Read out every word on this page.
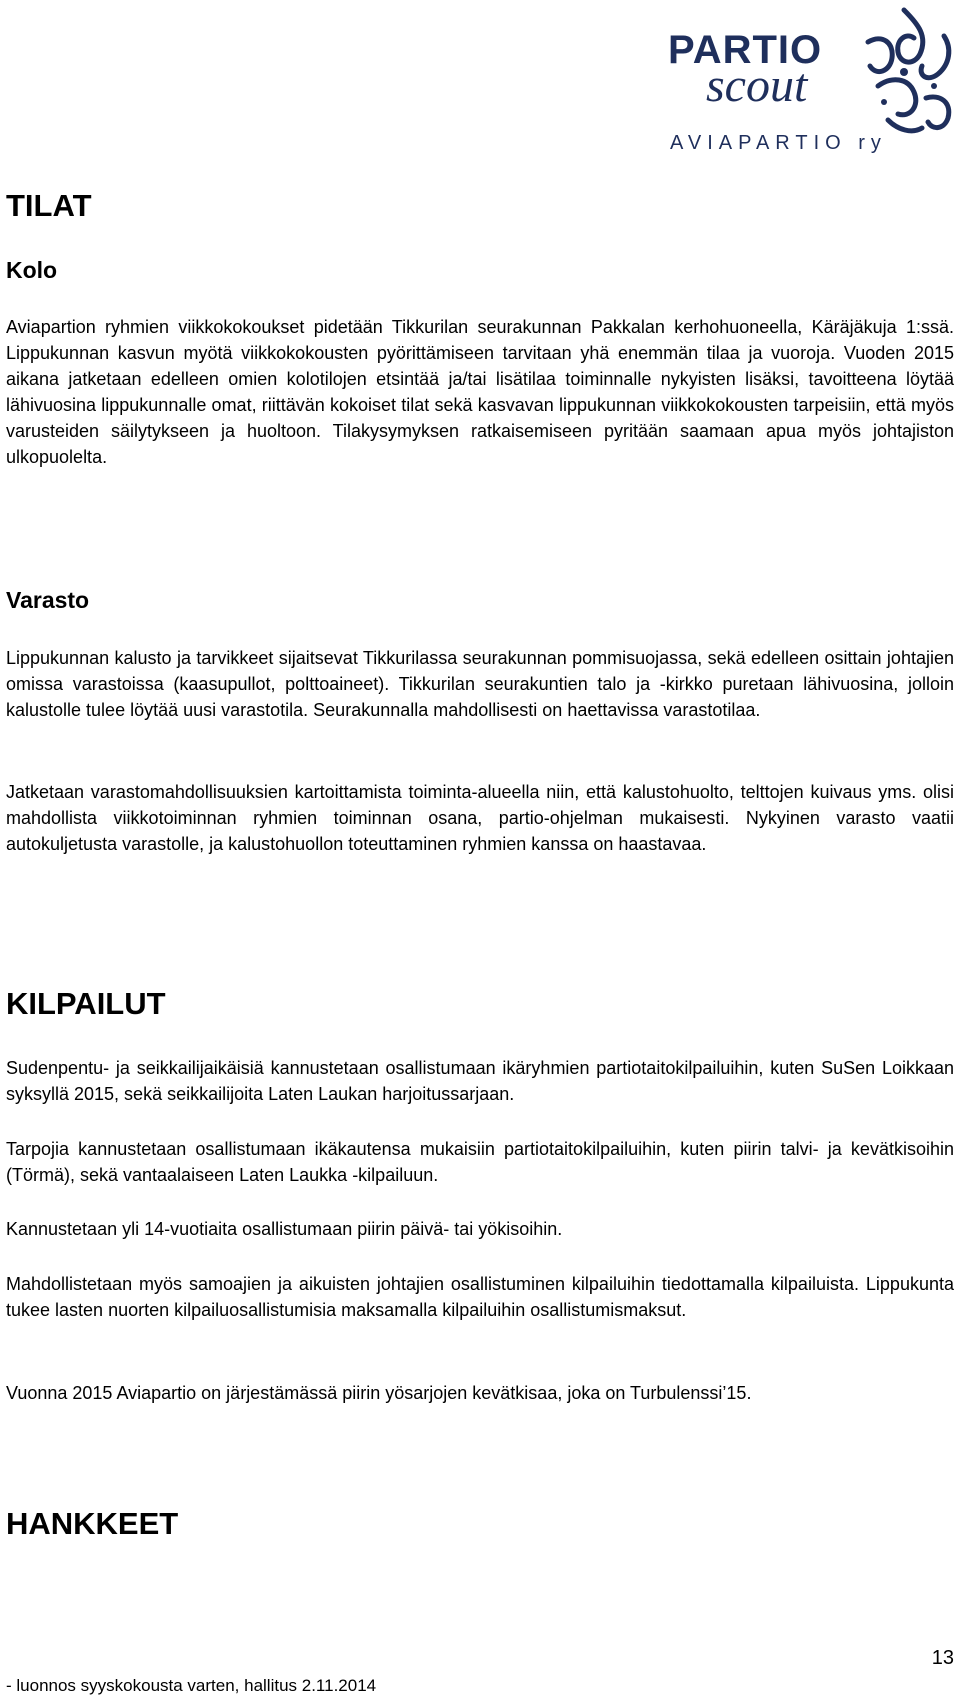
PARTIO
scout
AVIAPARTIO ry
TILAT
Kolo

Aviapartion ryhmien viikkokokoukset pidetään Tikkurilan seurakunnan Pakkalan kerhohuoneella, Käräjäkuja 1:ssä. Lippukunnan kasvun myötä viikkokokousten pyörittämiseen tarvitaan yhä enemmän tilaa ja vuoroja. Vuoden 2015 aikana jatketaan edelleen omien kolotilojen etsintää ja/tai lisätilaa toiminnalle nykyisten lisäksi, tavoitteena löytää lähivuosina lippukunnalle omat, riittävän kokoiset tilat sekä kasvavan lippukunnan viikkokokousten tarpeisiin, että myös varusteiden säilytykseen ja huoltoon. Tilakysymyksen ratkaisemiseen pyritään saamaan apua myös johtajiston ulkopuolelta.

Varasto

Lippukunnan kalusto ja tarvikkeet sijaitsevat Tikkurilassa seurakunnan pommisuojassa, sekä edelleen osittain johtajien omissa varastoissa (kaasupullot, polttoaineet). Tikkurilan seurakuntien talo ja -kirkko puretaan lähivuosina, jolloin kalustolle tulee löytää uusi varastotila. Seurakunnalla mahdollisesti on haettavissa varastotilaa.

Jatketaan varastomahdollisuuksien kartoittamista toiminta-alueella niin, että kalustohuolto, telttojen kuivaus yms. olisi mahdollista viikkotoiminnan ryhmien toiminnan osana, partio-ohjelman mukaisesti. Nykyinen varasto vaatii autokuljetusta varastolle, ja kalustohuollon toteuttaminen ryhmien kanssa on haastavaa.

KILPAILUT

Sudenpentu- ja seikkailijaikäisiä kannustetaan osallistumaan ikäryhmien partiotaitokilpailuihin, kuten SuSen Loikkaan syksyllä 2015, sekä seikkailijoita Laten Laukan harjoitussarjaan.

Tarpojia kannustetaan osallistumaan ikäkautensa mukaisiin partiotaitokilpailuihin, kuten piirin talvi- ja kevätkisoihin (Törmä), sekä vantaalaiseen Laten Laukka -kilpailuun.

Kannustetaan yli 14-vuotiaita osallistumaan piirin päivä- tai yökisoihin.

Mahdollistetaan myös samoajien ja aikuisten johtajien osallistuminen kilpailuihin tiedottamalla kilpailuista. Lippukunta tukee lasten nuorten kilpailuosallistumisia maksamalla kilpailuihin osallistumismaksut.

Vuonna 2015 Aviapartio on järjestämässä piirin yösarjojen kevätkisaa, joka on Turbulenssi’15.

HANKKEET
13
- luonnos syyskokousta varten, hallitus 2.11.2014
